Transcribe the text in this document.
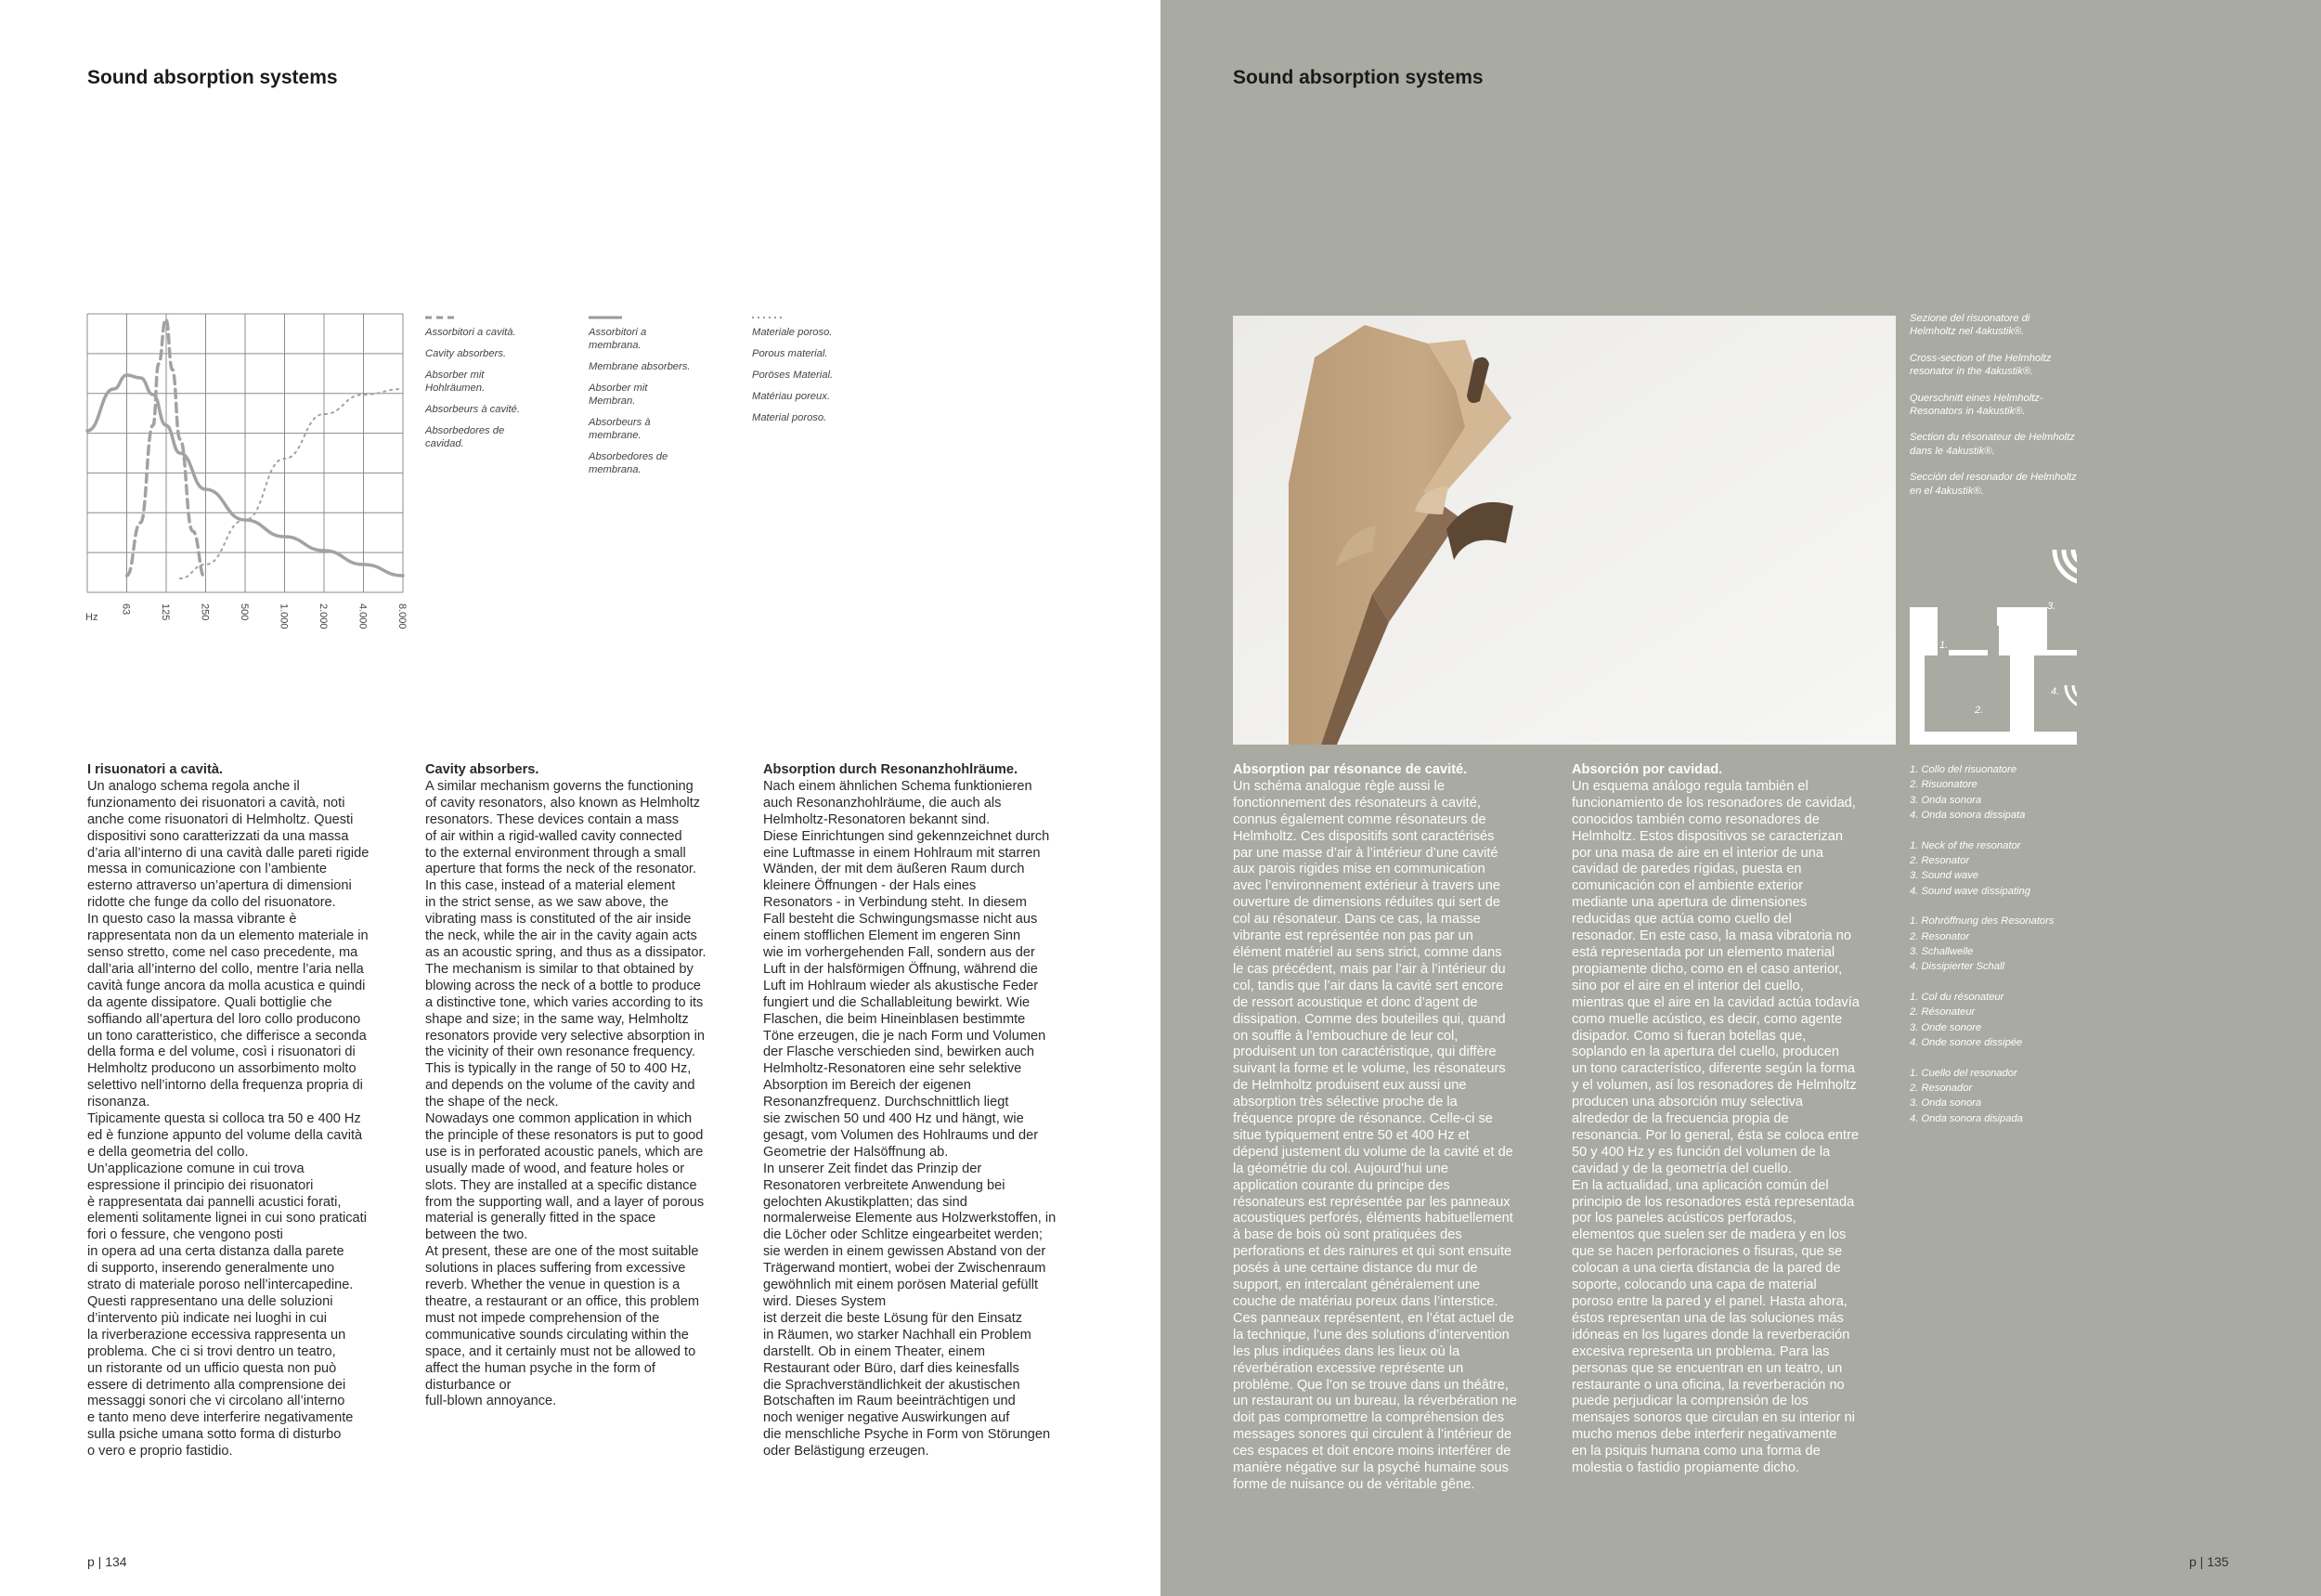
Sound absorption systems
Hz
63	125	250	500	1.000	2.000	4.000	8.000
Assorbitori a cavità.
Cavity absorbers.
Absorber mit Hohlräumen.
Absorbeurs à cavité.
Absorbedores de cavidad.
Assorbitori a membrana.
Membrane absorbers.
Absorber mit Membran.
Absorbeurs à membrane.
Absorbedores de membrana.
Materiale poroso.
Porous material.
Poröses Material.
Matériau poreux.
Material poroso.
I risuonatori a cavità.

Un analogo schema regola anche il
funzionamento dei risuonatori a cavità, noti
anche come risuonatori di Helmholtz. Questi
dispositivi sono caratterizzati da una massa
d’aria all’interno di una cavità dalle pareti rigide
messa in comunicazione con l’ambiente
esterno attraverso un’apertura di dimensioni
ridotte che funge da collo del risuonatore.
In questo caso la massa vibrante è
rappresentata non da un elemento materiale in
senso stretto, come nel caso precedente, ma
dall’aria all’interno del collo, mentre l’aria nella
cavità funge ancora da molla acustica e quindi
da agente dissipatore. Quali bottiglie che
soffiando all’apertura del loro collo producono
un tono caratteristico, che differisce a seconda
della forma e del volume, così i risuonatori di
Helmholtz producono un assorbimento molto
selettivo nell’intorno della frequenza propria di
risonanza.
Tipicamente questa si colloca tra 50 e 400 Hz
ed è funzione appunto del volume della cavità
e della geometria del collo.
Un’applicazione comune in cui trova
espressione il principio dei risuonatori
è rappresentata dai pannelli acustici forati,
elementi solitamente lignei in cui sono praticati
fori o fessure, che vengono posti
in opera ad una certa distanza dalla parete
di supporto, inserendo generalmente uno
strato di materiale poroso nell’intercapedine.
Questi rappresentano una delle soluzioni
d’intervento più indicate nei luoghi in cui
la riverberazione eccessiva rappresenta un
problema. Che ci si trovi dentro un teatro,
un ristorante od un ufficio questa non può
essere di detrimento alla comprensione dei
messaggi sonori che vi circolano all’interno
e tanto meno deve interferire negativamente
sulla psiche umana sotto forma di disturbo
o vero e proprio fastidio.

Cavity absorbers.

A similar mechanism governs the functioning
of cavity resonators, also known as Helmholtz
resonators. These devices contain a mass
of air within a rigid-walled cavity connected
to the external environment through a small
aperture that forms the neck of the resonator.
In this case, instead of a material element
in the strict sense, as we saw above, the
vibrating mass is constituted of the air inside
the neck, while the air in the cavity again acts
as an acoustic spring, and thus as a dissipator.
The mechanism is similar to that obtained by
blowing across the neck of a bottle to produce
a distinctive tone, which varies according to its
shape and size; in the same way, Helmholtz
resonators provide very selective absorption in
the vicinity of their own resonance frequency.
This is typically in the range of 50 to 400 Hz,
and depends on the volume of the cavity and
the shape of the neck.
Nowadays one common application in which
the principle of these resonators is put to good
use is in perforated acoustic panels, which are
usually made of wood, and feature holes or
slots. They are installed at a specific distance
from the supporting wall, and a layer of porous
material is generally fitted in the space
between the two.
At present, these are one of the most suitable
solutions in places suffering from excessive
reverb. Whether the venue in question is a
theatre, a restaurant or an office, this problem
must not impede comprehension of the
communicative sounds circulating within the
space, and it certainly must not be allowed to
affect the human psyche in the form of
disturbance or
full-blown annoyance.

Absorption durch Resonanzhohlräume.

Nach einem ähnlichen Schema funktionieren
auch Resonanzhohlräume, die auch als
Helmholtz-Resonatoren bekannt sind.
Diese Einrichtungen sind gekennzeichnet durch
eine Luftmasse in einem Hohlraum mit starren
Wänden, der mit dem äußeren Raum durch
kleinere Öffnungen - der Hals eines
Resonators - in Verbindung steht. In diesem
Fall besteht die Schwingungsmasse nicht aus
einem stofflichen Element im engeren Sinn
wie im vorhergehenden Fall, sondern aus der
Luft in der halsförmigen Öffnung, während die
Luft im Hohlraum wieder als akustische Feder
fungiert und die Schallableitung bewirkt. Wie
Flaschen, die beim Hineinblasen bestimmte
Töne erzeugen, die je nach Form und Volumen
der Flasche verschieden sind, bewirken auch
Helmholtz-Resonatoren eine sehr selektive
Absorption im Bereich der eigenen
Resonanzfrequenz. Durchschnittlich liegt
sie zwischen 50 und 400 Hz und hängt, wie
gesagt, vom Volumen des Hohlraums und der
Geometrie der Halsöffnung ab.
In unserer Zeit findet das Prinzip der
Resonatoren verbreitete Anwendung bei
gelochten Akustikplatten; das sind
normalerweise Elemente aus Holzwerkstoffen, in
die Löcher oder Schlitze eingearbeitet werden;
sie werden in einem gewissen Abstand von der
Trägerwand montiert, wobei der Zwischenraum
gewöhnlich mit einem porösen Material gefüllt
wird. Dieses System
ist derzeit die beste Lösung für den Einsatz
in Räumen, wo starker Nachhall ein Problem
darstellt. Ob in einem Theater, einem
Restaurant oder Büro, darf dies keinesfalls
die Sprachverständlichkeit der akustischen
Botschaften im Raum beeinträchtigen und
noch weniger negative Auswirkungen auf
die menschliche Psyche in Form von Störungen
oder Belästigung erzeugen.

p | 134
Sound absorption systems
p | 135
Sezione del risuonatore di Helmholtz nel 4akustik®.
Cross-section of the Helmholtz resonator in the 4akustik®.
Querschnitt eines Helmholtz-Resonators in 4akustik®.
Section du résonateur de Helmholtz dans le 4akustik®.
Sección del resonador de Helmholtz en el 4akustik®.
1.
2.
3.
4.
Absorption par résonance de cavité.

Un schéma analogue règle aussi le
fonctionnement des résonateurs à cavité,
connus également comme résonateurs de
Helmholtz. Ces dispositifs sont caractérisés
par une masse d’air à l’intérieur d’une cavité
aux parois rigides mise en communication
avec l’environnement extérieur à travers une
ouverture de dimensions réduites qui sert de
col au résonateur. Dans ce cas, la masse
vibrante est représentée non pas par un
élément matériel au sens strict, comme dans
le cas précédent, mais par l’air à l’intérieur du
col, tandis que l’air dans la cavité sert encore
de ressort acoustique et donc d’agent de
dissipation. Comme des bouteilles qui, quand
on souffle à l’embouchure de leur col,
produisent un ton caractéristique, qui diffère
suivant la forme et le volume, les résonateurs
de Helmholtz produisent eux aussi une
absorption très sélective proche de la
fréquence propre de résonance. Celle-ci se
situe typiquement entre 50 et 400 Hz et
dépend justement du volume de la cavité et de
la géométrie du col. Aujourd’hui une
application courante du principe des
résonateurs est représentée par les panneaux
acoustiques perforés, éléments habituellement
à base de bois où sont pratiquées des
perforations et des rainures et qui sont ensuite
posés à une certaine distance du mur de
support, en intercalant généralement une
couche de matériau poreux dans l’interstice.
Ces panneaux représentent, en l’état actuel de
la technique, l’une des solutions d’intervention
les plus indiquées dans les lieux où la
réverbération excessive représente un
problème. Que l’on se trouve dans un théâtre,
un restaurant ou un bureau, la réverbération ne
doit pas compromettre la compréhension des
messages sonores qui circulent à l’intérieur de
ces espaces et doit encore moins interférer de
manière négative sur la psyché humaine sous
forme de nuisance ou de véritable gêne.

Absorción por cavidad.

Un esquema análogo regula también el
funcionamiento de los resonadores de cavidad,
conocidos también como resonadores de
Helmholtz. Estos dispositivos se caracterizan
por una masa de aire en el interior de una
cavidad de paredes rígidas, puesta en
comunicación con el ambiente exterior
mediante una apertura de dimensiones
reducidas que actúa como cuello del
resonador. En este caso, la masa vibratoria no
está representada por un elemento material
propiamente dicho, como en el caso anterior,
sino por el aire en el interior del cuello,
mientras que el aire en la cavidad actúa todavía
como muelle acústico, es decir, como agente
disipador. Como si fueran botellas que,
soplando en la apertura del cuello, producen
un tono característico, diferente según la forma
y el volumen, así los resonadores de Helmholtz
producen una absorción muy selectiva
alrededor de la frecuencia propia de
resonancia. Por lo general, ésta se coloca entre
50 y 400 Hz y es función del volumen de la
cavidad y de la geometría del cuello.
En la actualidad, una aplicación común del
principio de los resonadores está representada
por los paneles acústicos perforados,
elementos que suelen ser de madera y en los
que se hacen perforaciones o fisuras, que se
colocan a una cierta distancia de la pared de
soporte, colocando una capa de material
poroso entre la pared y el panel. Hasta ahora,
éstos representan una de las soluciones más
idóneas en los lugares donde la reverberación
excesiva representa un problema. Para las
personas que se encuentran en un teatro, un
restaurante o una oficina, la reverberación no
puede perjudicar la comprensión de los
mensajes sonoros que circulan en su interior ni
mucho menos debe interferir negativamente
en la psiquis humana como una forma de
molestia o fastidio propiamente dicho.

1. Collo del risuonatore
2. Risuonatore
3. Onda sonora
4. Onda sonora dissipata
1. Neck of the resonator
2. Resonator
3. Sound wave
4. Sound wave dissipating
1. Rohröffnung des Resonators
2. Resonator
3. Schallwelle
4. Dissipierter Schall
1. Col du résonateur
2. Résonateur
3. Onde sonore
4. Onde sonore dissipée
1. Cuello del resonador
2. Resonador
3. Onda sonora
4. Onda sonora disipada
